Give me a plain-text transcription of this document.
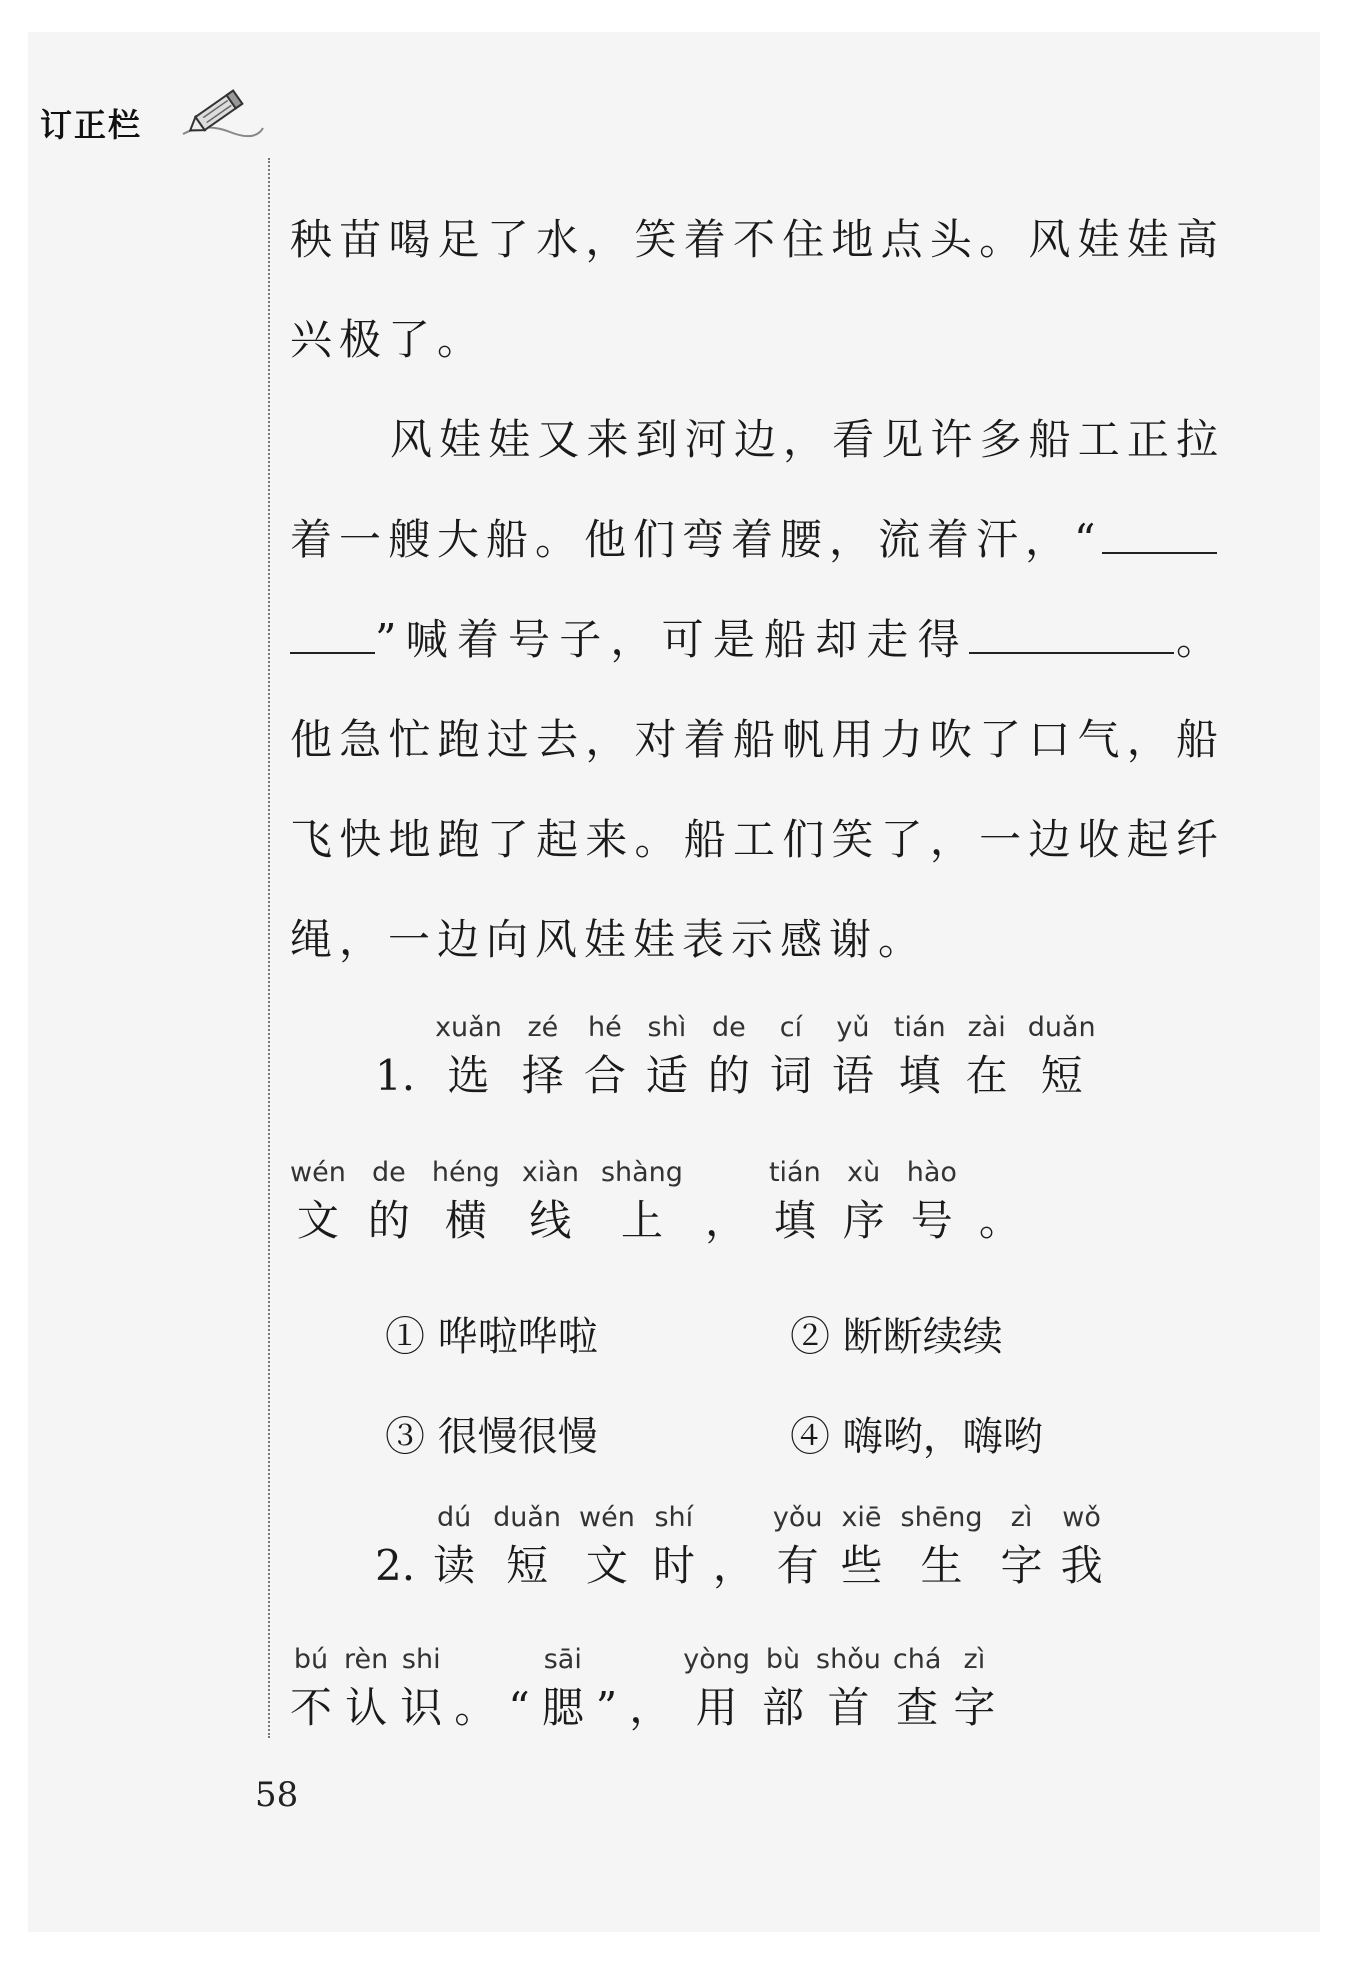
订正栏

秧苗喝足了水，笑着不住地点头。风娃娃高兴极了。

风娃娃又来到河边，看见许多船工正拉着一艘大船。他们弯着腰，流着汗，“
”喊着号子，可是船却走得	。他急忙跑过去，对着船帆用力吹了口气，船飞快地跑了起来。船工们笑了，一边收起纤绳，一边向风娃娃表示感谢。

1.
xuǎn
选
zé
择
hé
合
shì
适
de
的
cí
词
yǔ
语
tián
填
zài
在
duǎn
短
wén
文
de
的
héng
横
xiàn
线
shàng
上 ，
tián
填
xù
序
hào
号 。
① 哗啦哗啦	② 断断续续
③ 很慢很慢	④ 嗨哟，嗨哟
2.
dú
读
duǎn
短
wén
文
shí
时 ，
yǒu
有
xiē
些
shēng
生
zì
字
wǒ
我
bú
不
rèn
认
shi
识 。 “
sāi
腮 ” ，
yòng
用
bù
部
shǒu
首
chá
查
zì
字
58
